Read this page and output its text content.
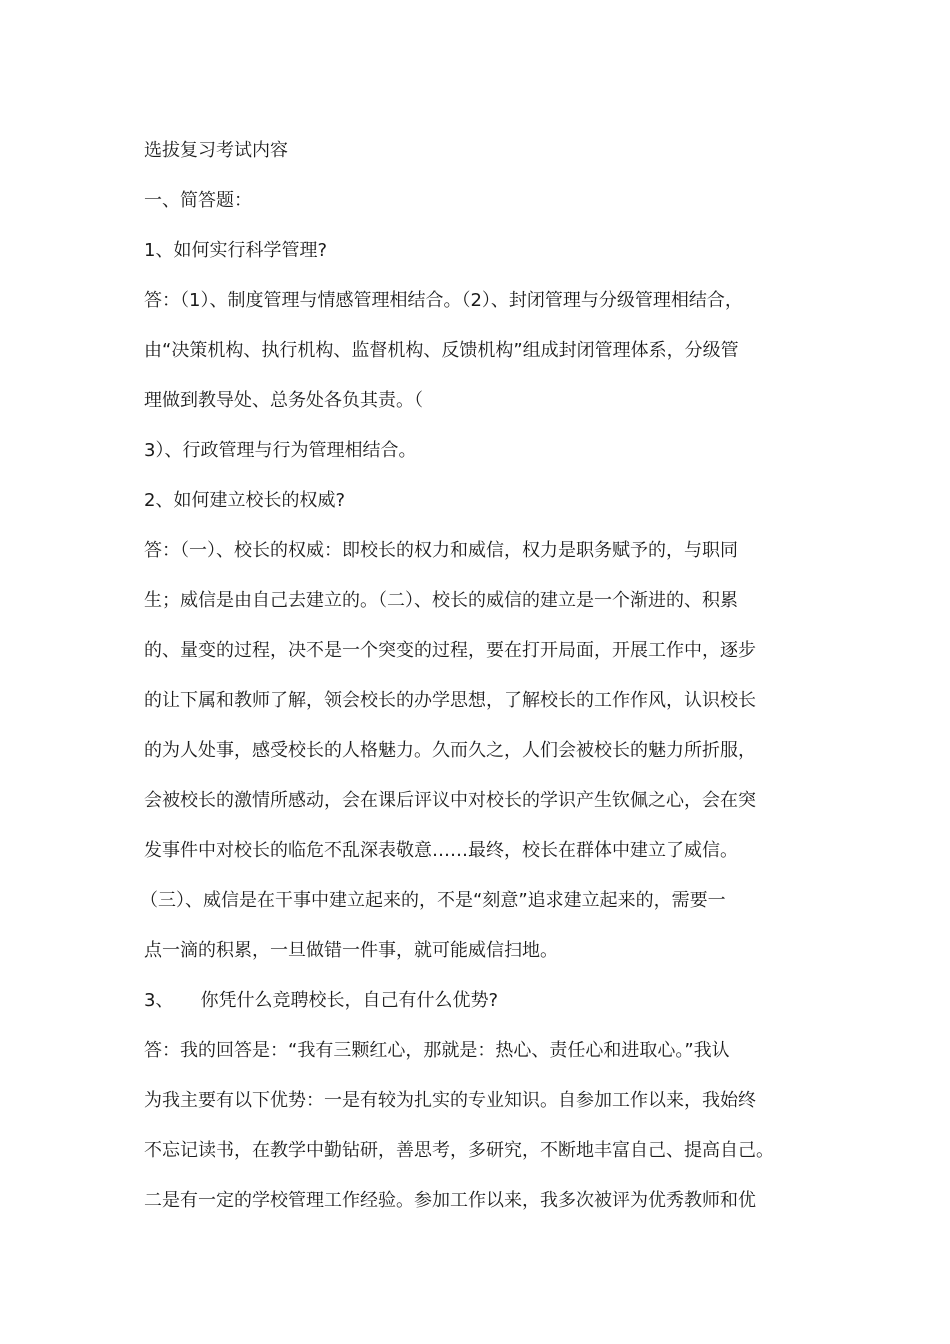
选拔复习考试内容
一、简答题：
1、如何实行科学管理?
答：（1）、制度管理与情感管理相结合。（2）、封闭管理与分级管理相结合，
由“决策机构、执行机构、监督机构、反馈机构”组成封闭管理体系，分级管
理做到教导处、总务处各负其责。（
3）、行政管理与行为管理相结合。
2、如何建立校长的权威?
答：（一）、校长的权威：即校长的权力和威信，权力是职务赋予的，与职同
生；威信是由自己去建立的。（二）、校长的威信的建立是一个渐进的、积累
的、量变的过程，决不是一个突变的过程，要在打开局面，开展工作中，逐步
的让下属和教师了解，领会校长的办学思想，了解校长的工作作风，认识校长
的为人处事，感受校长的人格魅力。久而久之，人们会被校长的魅力所折服，
会被校长的激情所感动，会在课后评议中对校长的学识产生钦佩之心，会在突
发事件中对校长的临危不乱深表敬意……最终，校长在群体中建立了威信。
（三）、威信是在干事中建立起来的，不是“刻意”追求建立起来的，需要一
点一滴的积累，一旦做错一件事，就可能威信扫地。
3、　　你凭什么竞聘校长，自己有什么优势?
答：我的回答是：“我有三颗红心，那就是：热心、责任心和进取心。”我认
为我主要有以下优势：一是有较为扎实的专业知识。自参加工作以来，我始终
不忘记读书，在教学中勤钻研，善思考，多研究，不断地丰富自己、提高自己。
二是有一定的学校管理工作经验。参加工作以来，我多次被评为优秀教师和优
